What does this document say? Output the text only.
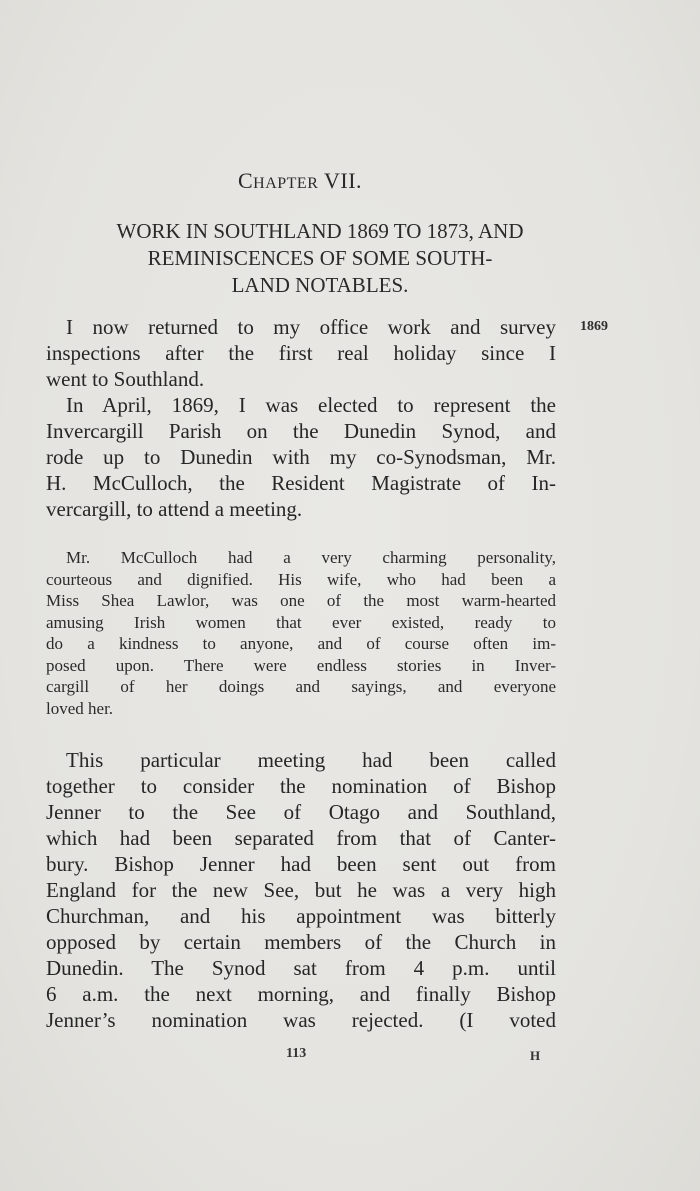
CHAPTER VII.
WORK IN SOUTHLAND 1869 TO 1873, AND
REMINISCENCES OF SOME SOUTH-
LAND NOTABLES.
1869
I now returned to my office work and survey
inspections after the first real holiday since I
went to Southland.
In April, 1869, I was elected to represent the
Invercargill Parish on the Dunedin Synod, and
rode up to Dunedin with my co-Synodsman, Mr.
H. McCulloch, the Resident Magistrate of In-
vercargill, to attend a meeting.
Mr. McCulloch had a very charming personality,
courteous and dignified. His wife, who had been a
Miss Shea Lawlor, was one of the most warm-hearted
amusing Irish women that ever existed, ready to
do a kindness to anyone, and of course often im-
posed upon. There were endless stories in Inver-
cargill of her doings and sayings, and everyone
loved her.
This particular meeting had been called
together to consider the nomination of Bishop
Jenner to the See of Otago and Southland,
which had been separated from that of Canter-
bury. Bishop Jenner had been sent out from
England for the new See, but he was a very high
Churchman, and his appointment was bitterly
opposed by certain members of the Church in
Dunedin. The Synod sat from 4 p.m. until
6 a.m. the next morning, and finally Bishop
Jenner’s nomination was rejected. (I voted
113	H
